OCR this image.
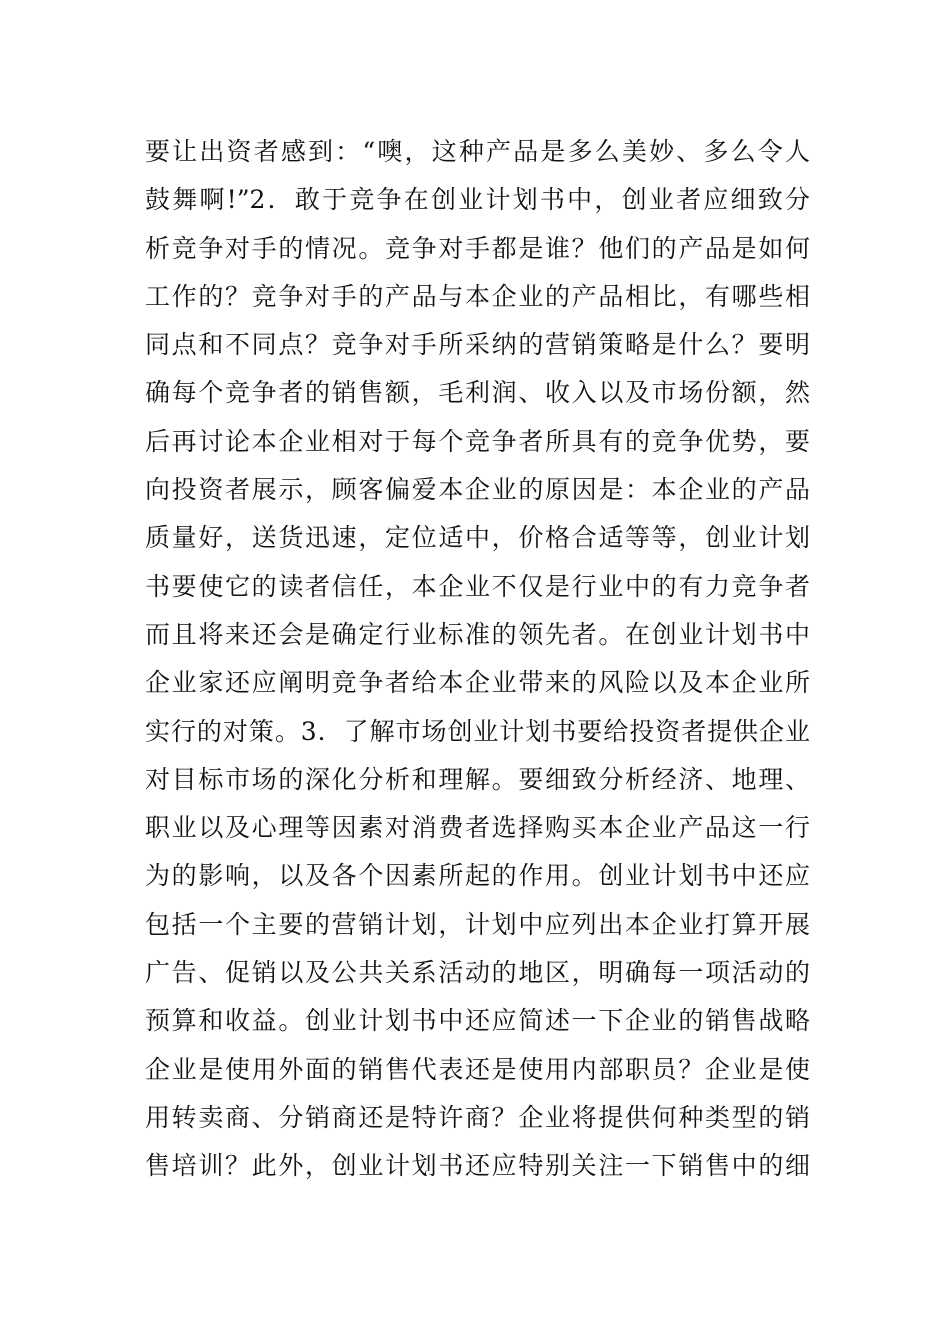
要让出资者感到：“噢，这种产品是多么美妙、多么令人
鼓舞啊!”2．敢于竞争在创业计划书中，创业者应细致分
析竞争对手的情况。竞争对手都是谁？他们的产品是如何
工作的？竞争对手的产品与本企业的产品相比，有哪些相
同点和不同点？竞争对手所采纳的营销策略是什么？要明
确每个竞争者的销售额，毛利润、收入以及市场份额，然
后再讨论本企业相对于每个竞争者所具有的竞争优势，要
向投资者展示，顾客偏爱本企业的原因是：本企业的产品
质量好，送货迅速，定位适中，价格合适等等，创业计划
书要使它的读者信任，本企业不仅是行业中的有力竞争者
而且将来还会是确定行业标准的领先者。在创业计划书中
企业家还应阐明竞争者给本企业带来的风险以及本企业所
实行的对策。3．了解市场创业计划书要给投资者提供企业
对目标市场的深化分析和理解。要细致分析经济、地理、
职业以及心理等因素对消费者选择购买本企业产品这一行
为的影响，以及各个因素所起的作用。创业计划书中还应
包括一个主要的营销计划，计划中应列出本企业打算开展
广告、促销以及公共关系活动的地区，明确每一项活动的
预算和收益。创业计划书中还应简述一下企业的销售战略
企业是使用外面的销售代表还是使用内部职员？企业是使
用转卖商、分销商还是特许商？企业将提供何种类型的销
售培训？此外，创业计划书还应特别关注一下销售中的细
